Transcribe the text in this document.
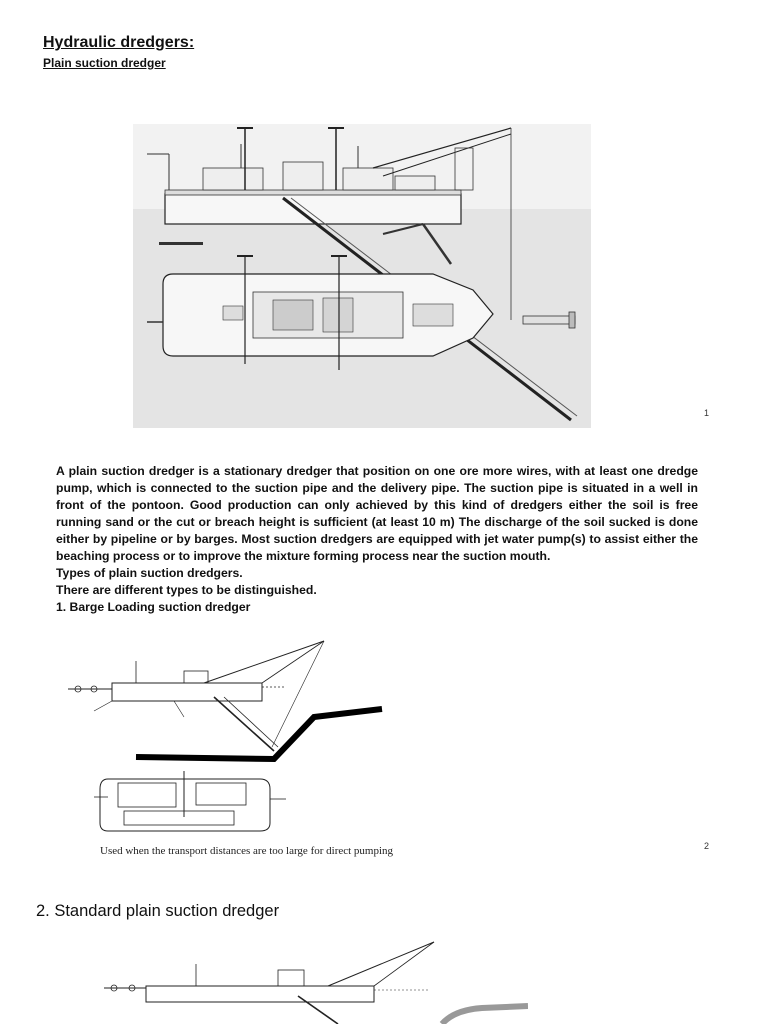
Hydraulic dredgers:
Plain suction dredger
1

A plain suction dredger is a stationary dredger that position on one ore more wires, with at least one dredge pump, which is connected to the suction pipe and the delivery pipe. The suction pipe is situated in a well in front of the pontoon. Good production can only achieved by this kind of dredgers either the soil is free running sand or the cut or breach height is sufficient (at least 10 m) The discharge of the soil sucked is done either by pipeline or by barges. Most suction dredgers are equipped with jet water pump(s) to assist either the beaching process or to improve the mixture forming process near the suction mouth.

Types of plain suction dredgers.

There are different types to be distinguished.

1. Barge Loading suction dredger

Used when the transport distances are too large for direct pumping	2
2. Standard plain suction dredger
